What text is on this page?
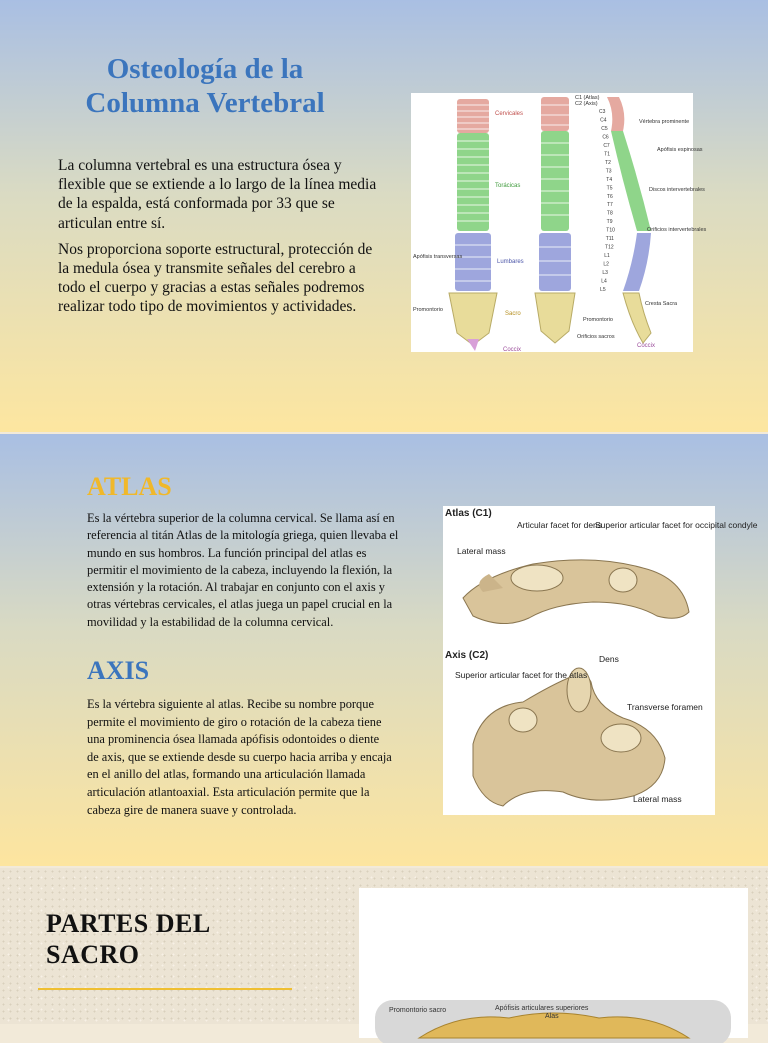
Osteología de la Columna Vertebral

La columna vertebral es una estructura ósea y flexible que se extiende a lo largo de la línea media de la espalda, está conformada por 33 que se articulan entre sí.

Nos proporciona soporte estructural, protección de la medula ósea y transmite señales del cerebro a todo el cuerpo y gracias a estas señales podremos realizar todo tipo de movimientos y actividades.

Cervicales
Torácicas
Lumbares
Sacro
Coccix
Apófisis transversas
Promontorio
Orificios sacros
C1 (Atlas)
C2 (Axis)
Vértebra prominente
Apófisis espinosas
Discos intervertebrales
Orificios intervertebrales
Cresta Sacra
Promontorio
Coccix
C3
C4
C5
C6
C7
T1
T2
T3
T4
T5
T6
T7
T8
T9
T10
T11
T12
L1
L2
L3
L4
L5
ATLAS

Es la vértebra superior de la columna cervical. Se llama así en referencia al titán Atlas de la mitología griega, quien llevaba el mundo en sus hombros. La función principal del atlas es permitir el movimiento de la cabeza, incluyendo la flexión, la extensión y la rotación. Al trabajar en conjunto con el axis y otras vértebras cervicales, el atlas juega un papel crucial en la movilidad y la estabilidad de la columna cervical.

AXIS

Es la vértebra siguiente al atlas. Recibe su nombre porque permite el movimiento de giro o rotación de la cabeza tiene una prominencia ósea llamada apófisis odontoides o diente de axis, que se extiende desde su cuerpo hacia arriba y encaja en el anillo del atlas, formando una articulación llamada articulación atlantoaxial. Esta articulación permite que la cabeza gire de manera suave y controlada.

Atlas (C1)
Articular facet for dens
Superior articular facet for occipital condyle
Lateral mass
Axis (C2)	Dens
Superior articular facet for the atlas
Transverse foramen
Lateral mass
PARTES DEL
SACRO
Promontorio sacro	Apófisis articulares superiores
Alas
